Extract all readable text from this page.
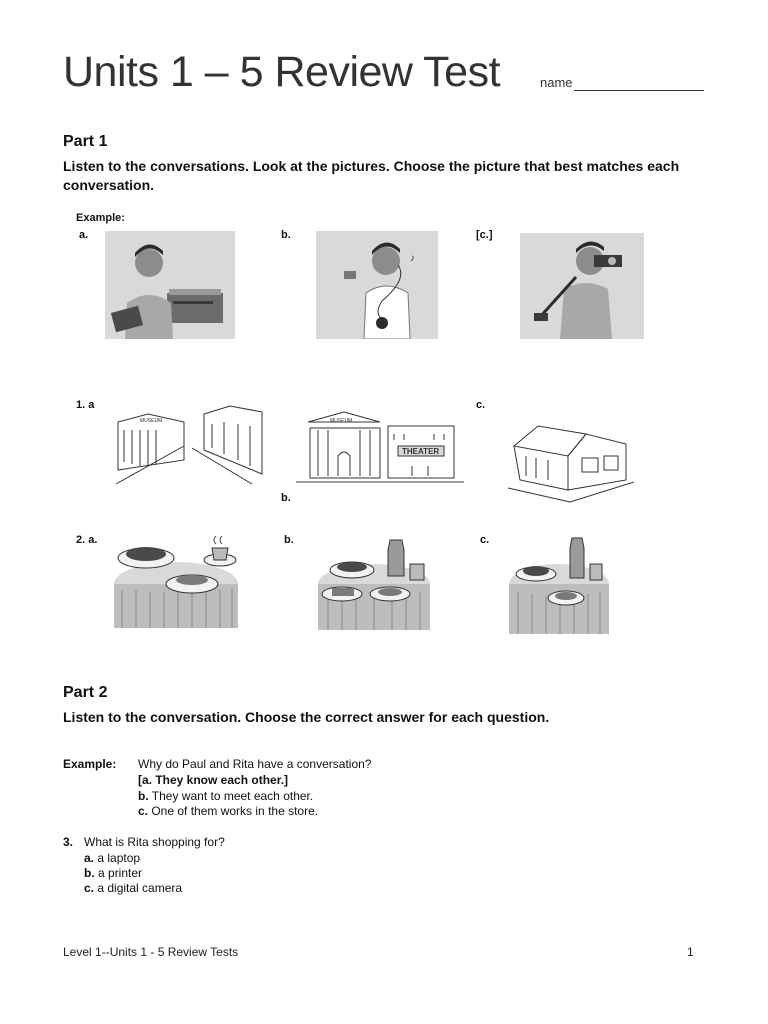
Units 1 – 5 Review Test	name
Part 1
Listen to the conversations. Look at the pictures. Choose the picture that best matches each conversation.
Example:
a.	b.	[c.]
♪
1. a
b.
c.
MUSEUM	MUSEUM
THEATER
2. a.	b.	c.
Part 2
Listen to the conversation. Choose the correct answer for each question.
Example: Why do Paul and Rita have a conversation?
[a. They know each other.]
b. They want to meet each other.
c. One of them works in the store.
3. What is Rita shopping for?
a. a laptop
b. a printer
c. a digital camera
Level 1--Units 1 - 5 Review Tests	1
